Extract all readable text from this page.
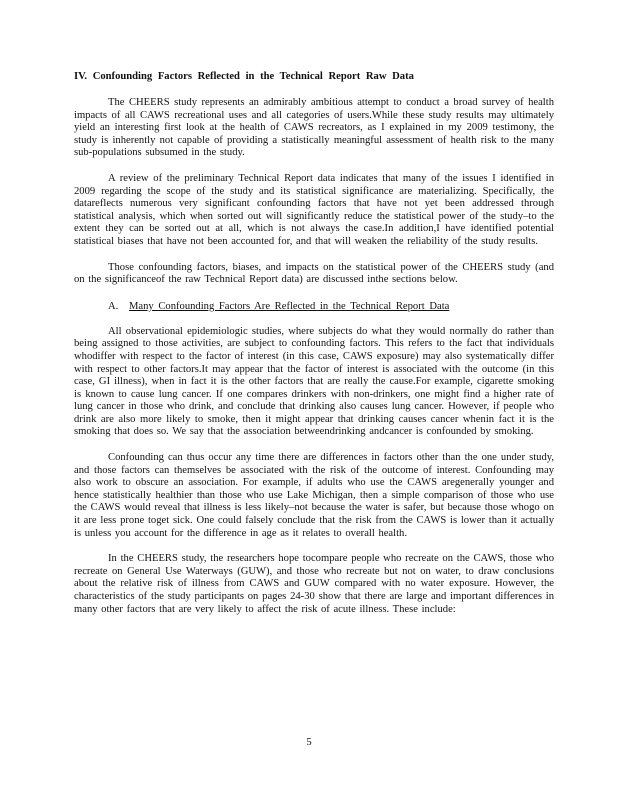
IV. Confounding Factors Reflected in the Technical Report Raw Data

The CHEERS study represents an admirably ambitious attempt to conduct a broad survey of health impacts of all CAWS recreational uses and all categories of users.While these study results may ultimately yield an interesting first look at the health of CAWS recreators, as I explained in my 2009 testimony, the study is inherently not capable of providing a statistically meaningful assessment of health risk to the many sub-populations subsumed in the study.

A review of the preliminary Technical Report data indicates that many of the issues I identified in 2009 regarding the scope of the study and its statistical significance are materializing. Specifically, the datareflects numerous very significant confounding factors that have not yet been addressed through statistical analysis, which when sorted out will significantly reduce the statistical power of the study–to the extent they can be sorted out at all, which is not always the case.In addition,I have identified potential statistical biases that have not been accounted for, and that will weaken the reliability of the study results.

Those confounding factors, biases, and impacts on the statistical power of the CHEERS study (and on the significanceof the raw Technical Report data) are discussed inthe sections below.

A. Many Confounding Factors Are Reflected in the Technical Report Data

All observational epidemiologic studies, where subjects do what they would normally do rather than being assigned to those activities, are subject to confounding factors. This refers to the fact that individuals whodiffer with respect to the factor of interest (in this case, CAWS exposure) may also systematically differ with respect to other factors.It may appear that the factor of interest is associated with the outcome (in this case, GI illness), when in fact it is the other factors that are really the cause.For example, cigarette smoking is known to cause lung cancer. If one compares drinkers with non-drinkers, one might find a higher rate of lung cancer in those who drink, and conclude that drinking also causes lung cancer. However, if people who drink are also more likely to smoke, then it might appear that drinking causes cancer whenin fact it is the smoking that does so. We say that the association betweendrinking andcancer is confounded by smoking.

Confounding can thus occur any time there are differences in factors other than the one under study, and those factors can themselves be associated with the risk of the outcome of interest. Confounding may also work to obscure an association. For example, if adults who use the CAWS aregenerally younger and hence statistically healthier than those who use Lake Michigan, then a simple comparison of those who use the CAWS would reveal that illness is less likely–not because the water is safer, but because those whogo on it are less prone toget sick. One could falsely conclude that the risk from the CAWS is lower than it actually is unless you account for the difference in age as it relates to overall health.

In the CHEERS study, the researchers hope tocompare people who recreate on the CAWS, those who recreate on General Use Waterways (GUW), and those who recreate but not on water, to draw conclusions about the relative risk of illness from CAWS and GUW compared with no water exposure. However, the characteristics of the study participants on pages 24-30 show that there are large and important differences in many other factors that are very likely to affect the risk of acute illness. These include:

5
